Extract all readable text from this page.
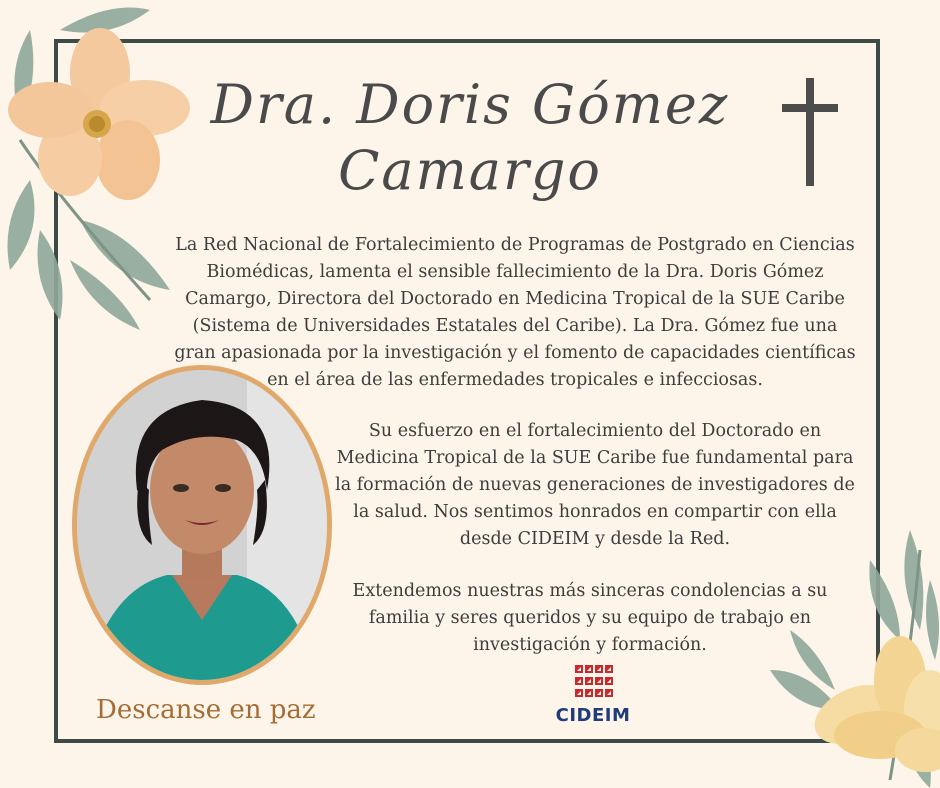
Dra. Doris Gómez
Camargo

La Red Nacional de Fortalecimiento de Programas de Postgrado en Ciencias Biomédicas, lamenta el sensible fallecimiento de la Dra. Doris Gómez Camargo, Directora del Doctorado en Medicina Tropical de la SUE Caribe (Sistema de Universidades Estatales del Caribe). La Dra. Gómez fue una gran apasionada por la investigación y el fomento de capacidades científicas en el área de las enfermedades tropicales e infecciosas.

Su esfuerzo en el fortalecimiento del Doctorado en Medicina Tropical de la SUE Caribe fue fundamental para la formación de nuevas generaciones de investigadores de la salud. Nos sentimos honrados en compartir con ella desde CIDEIM y desde la Red.

Extendemos nuestras más sinceras condolencias a su familia y seres queridos y su equipo de trabajo en investigación y formación.

Descanse en paz	CIDEIM
